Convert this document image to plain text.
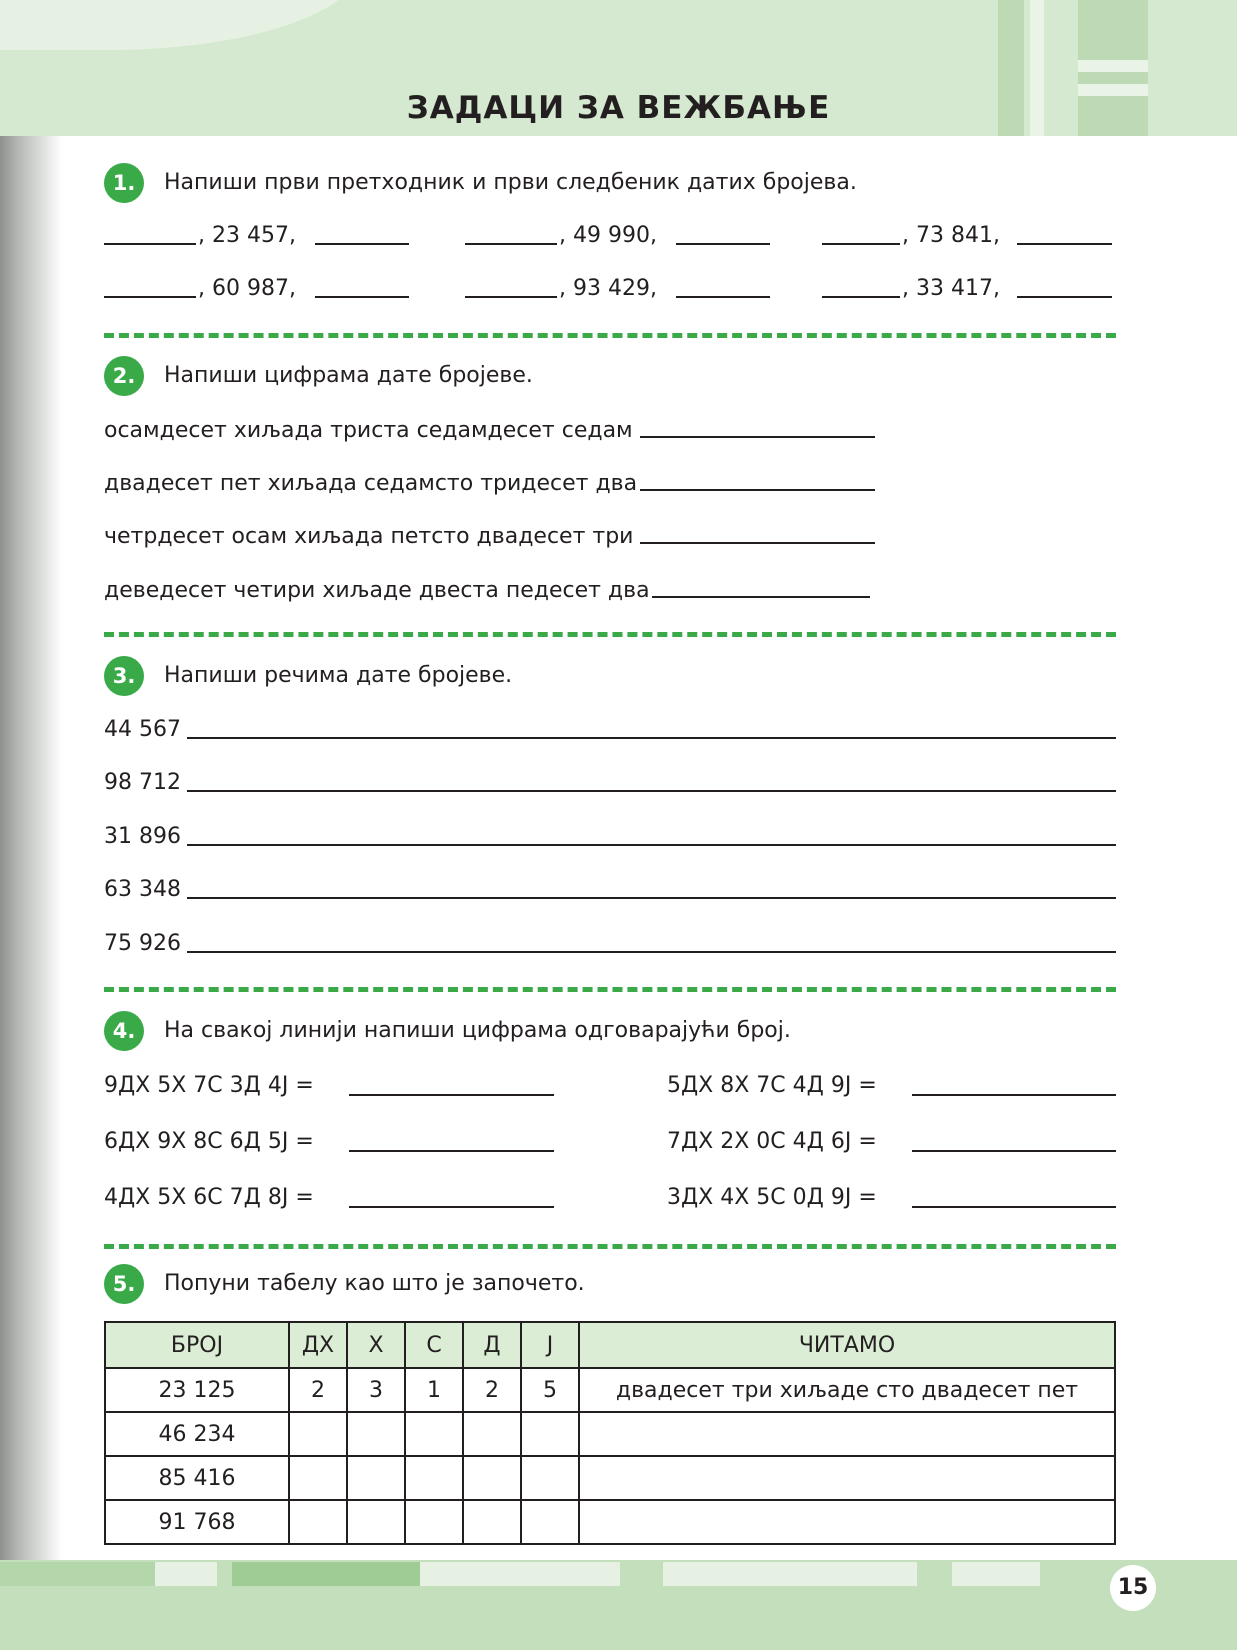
15
ЗАДАЦИ ЗА ВЕЖБАЊЕ
1.	Напиши први претходник и први следбеник датих бројева.
, 23 457,	, 49 990,	, 73 841,
, 60 987,	, 93 429,	, 33 417,
2.	Напиши цифрама дате бројеве.
осамдесет хиљада триста седамдесет седам
двадесет пет хиљада седамсто тридесет два
четрдесет осам хиљада петсто двадесет три
деведесет четири хиљаде двеста педесет два
3.	Напиши речима дате бројеве.
44 567
98 712
31 896
63 348
75 926
4.	На свакој линији напиши цифрама одговарајући број.
9ДХ 5Х 7С 3Д 4Ј =	5ДХ 8Х 7С 4Д 9Ј =
6ДХ 9Х 8С 6Д 5Ј =	7ДХ 2Х 0С 4Д 6Ј =
4ДХ 5Х 6С 7Д 8Ј =	3ДХ 4Х 5С 0Д 9Ј =
5.	Попуни табелу као што је започето.
БРОЈ	ДХ	Х	С	Д	Ј	ЧИТАМО
23 125	2	3	1	2	5	двадесет три хиљаде сто двадесет пет
46 234						
85 416						
91 768						
